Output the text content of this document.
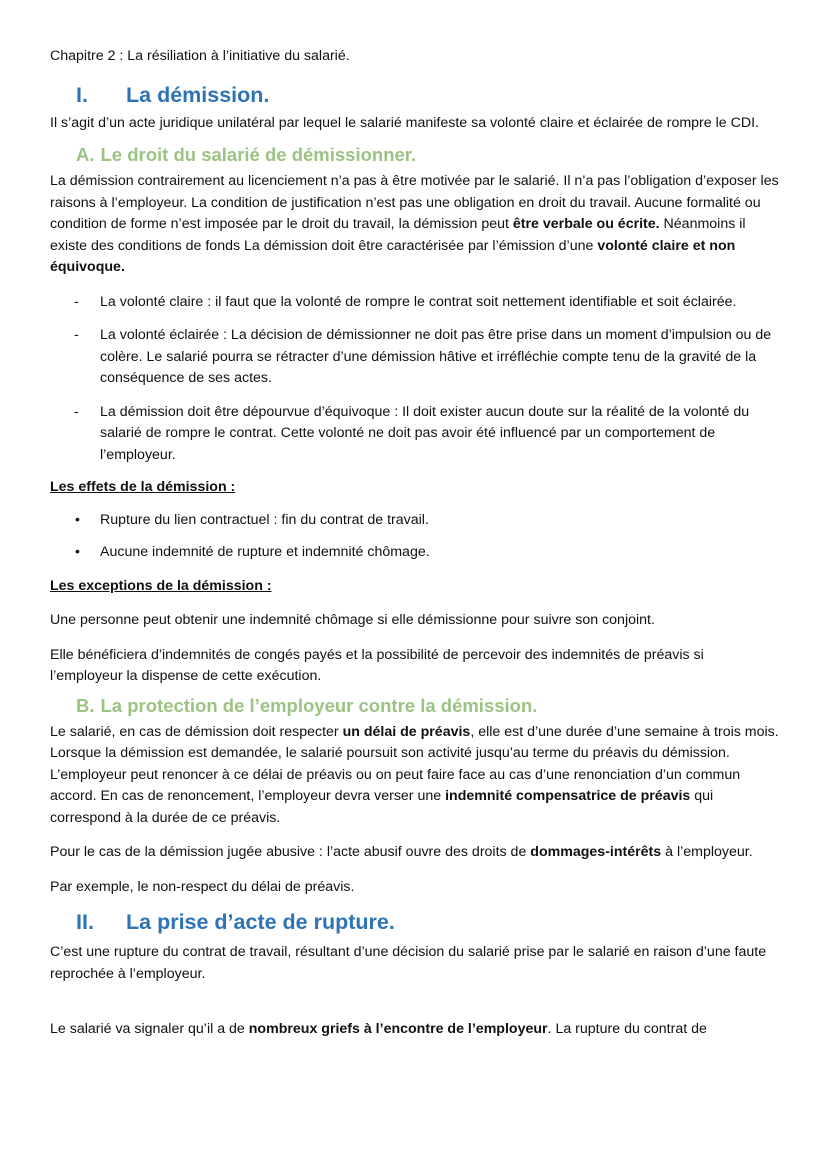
Chapitre 2 : La résiliation à l’initiative du salarié.

I.	La démission.

Il s’agit d’un acte juridique unilatéral par lequel le salarié manifeste sa volonté claire et éclairée de rompre le CDI.

A. Le droit du salarié de démissionner.

La démission contrairement au licenciement n’a pas à être motivée par le salarié. Il n’a pas l’obligation d’exposer les raisons à l’employeur. La condition de justification n’est pas une obligation en droit du travail. Aucune formalité ou condition de forme n’est imposée par le droit du travail, la démission peut être verbale ou écrite. Néanmoins il existe des conditions de fonds La démission doit être caractérisée par l’émission d’une volonté claire et non équivoque.

- La volonté claire : il faut que la volonté de rompre le contrat soit nettement identifiable et soit éclairée.
- La volonté éclairée : La décision de démissionner ne doit pas être prise dans un moment d’impulsion ou de colère. Le salarié pourra se rétracter d’une démission hâtive et irréfléchie compte tenu de la gravité de la conséquence de ses actes.
- La démission doit être dépourvue d’équivoque : Il doit exister aucun doute sur la réalité de la volonté du salarié de rompre le contrat. Cette volonté ne doit pas avoir été influencé par un comportement de l’employeur.
Les effets de la démission :
• Rupture du lien contractuel : fin du contrat de travail.
• Aucune indemnité de rupture et indemnité chômage.
Les exceptions de la démission :

Une personne peut obtenir une indemnité chômage si elle démissionne pour suivre son conjoint.

Elle bénéficiera d’indemnités de congés payés et la possibilité de percevoir des indemnités de préavis si l’employeur la dispense de cette exécution.

B. La protection de l’employeur contre la démission.

Le salarié, en cas de démission doit respecter un délai de préavis, elle est d’une durée d’une semaine à trois mois. Lorsque la démission est demandée, le salarié poursuit son activité jusqu’au terme du préavis du démission. L’employeur peut renoncer à ce délai de préavis ou on peut faire face au cas d’une renonciation d’un commun accord. En cas de renoncement, l’employeur devra verser une indemnité compensatrice de préavis qui correspond à la durée de ce préavis.

Pour le cas de la démission jugée abusive : l’acte abusif ouvre des droits de dommages-intérêts à l’employeur.

Par exemple, le non-respect du délai de préavis.

II.	La prise d’acte de rupture.

C’est une rupture du contrat de travail, résultant d’une décision du salarié prise par le salarié en raison d’une faute reprochée à l’employeur.

Le salarié va signaler qu’il a de nombreux griefs à l’encontre de l’employeur. La rupture du contrat de
